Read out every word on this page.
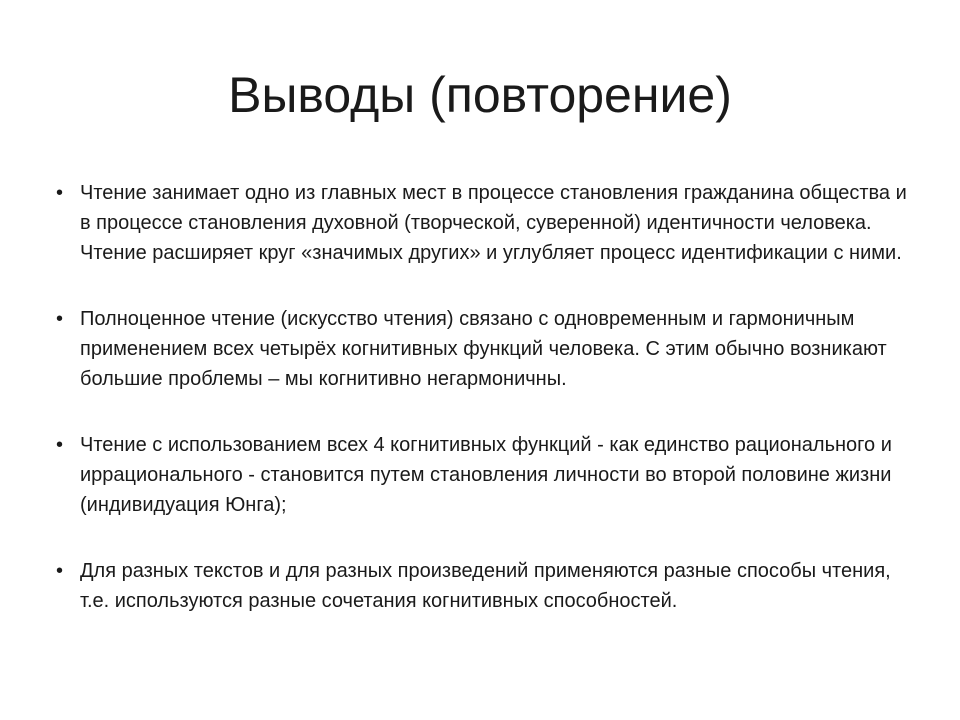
Выводы (повторение)
• Чтение занимает одно из главных мест в процессе становления гражданина общества и в процессе становления духовной (творческой, суверенной) идентичности человека. Чтение расширяет круг «значимых других» и углубляет процесс идентификации с ними.
• Полноценное чтение (искусство чтения) связано с одновременным и гармоничным применением всех четырёх когнитивных функций человека. С этим обычно возникают большие проблемы – мы когнитивно негармоничны.
• Чтение с использованием всех 4 когнитивных функций - как единство рационального и иррационального - становится путем становления личности во второй половине жизни (индивидуация Юнга);
• Для разных текстов и для разных произведений применяются разные способы чтения, т.е. используются разные сочетания когнитивных способностей.
